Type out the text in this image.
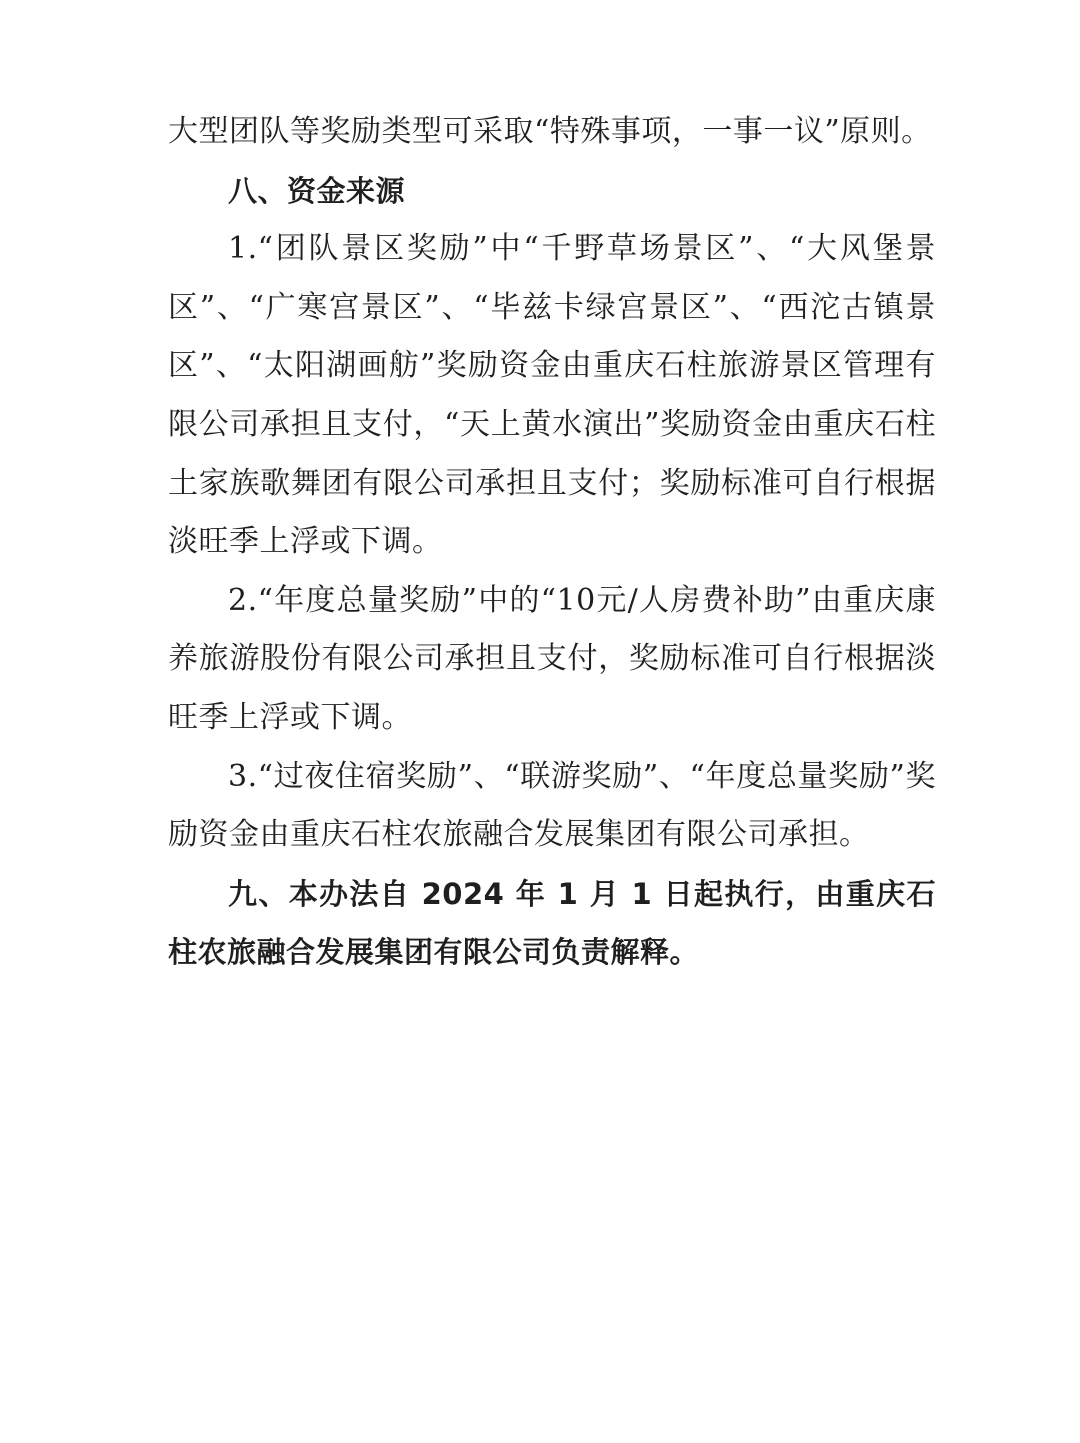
大型团队等奖励类型可采取“特殊事项，一事一议”原则。

八、资金来源

1.“团队景区奖励”中“千野草场景区”、“大风堡景区”、“广寒宫景区”、“毕兹卡绿宫景区”、“西沱古镇景区”、“太阳湖画舫”奖励资金由重庆石柱旅游景区管理有限公司承担且支付，“天上黄水演出”奖励资金由重庆石柱土家族歌舞团有限公司承担且支付；奖励标准可自行根据淡旺季上浮或下调。

2.“年度总量奖励”中的“10元/人房费补助”由重庆康养旅游股份有限公司承担且支付，奖励标准可自行根据淡旺季上浮或下调。

3.“过夜住宿奖励”、“联游奖励”、“年度总量奖励”奖励资金由重庆石柱农旅融合发展集团有限公司承担。

九、本办法自 2024 年 1 月 1 日起执行，由重庆石柱农旅融合发展集团有限公司负责解释。
